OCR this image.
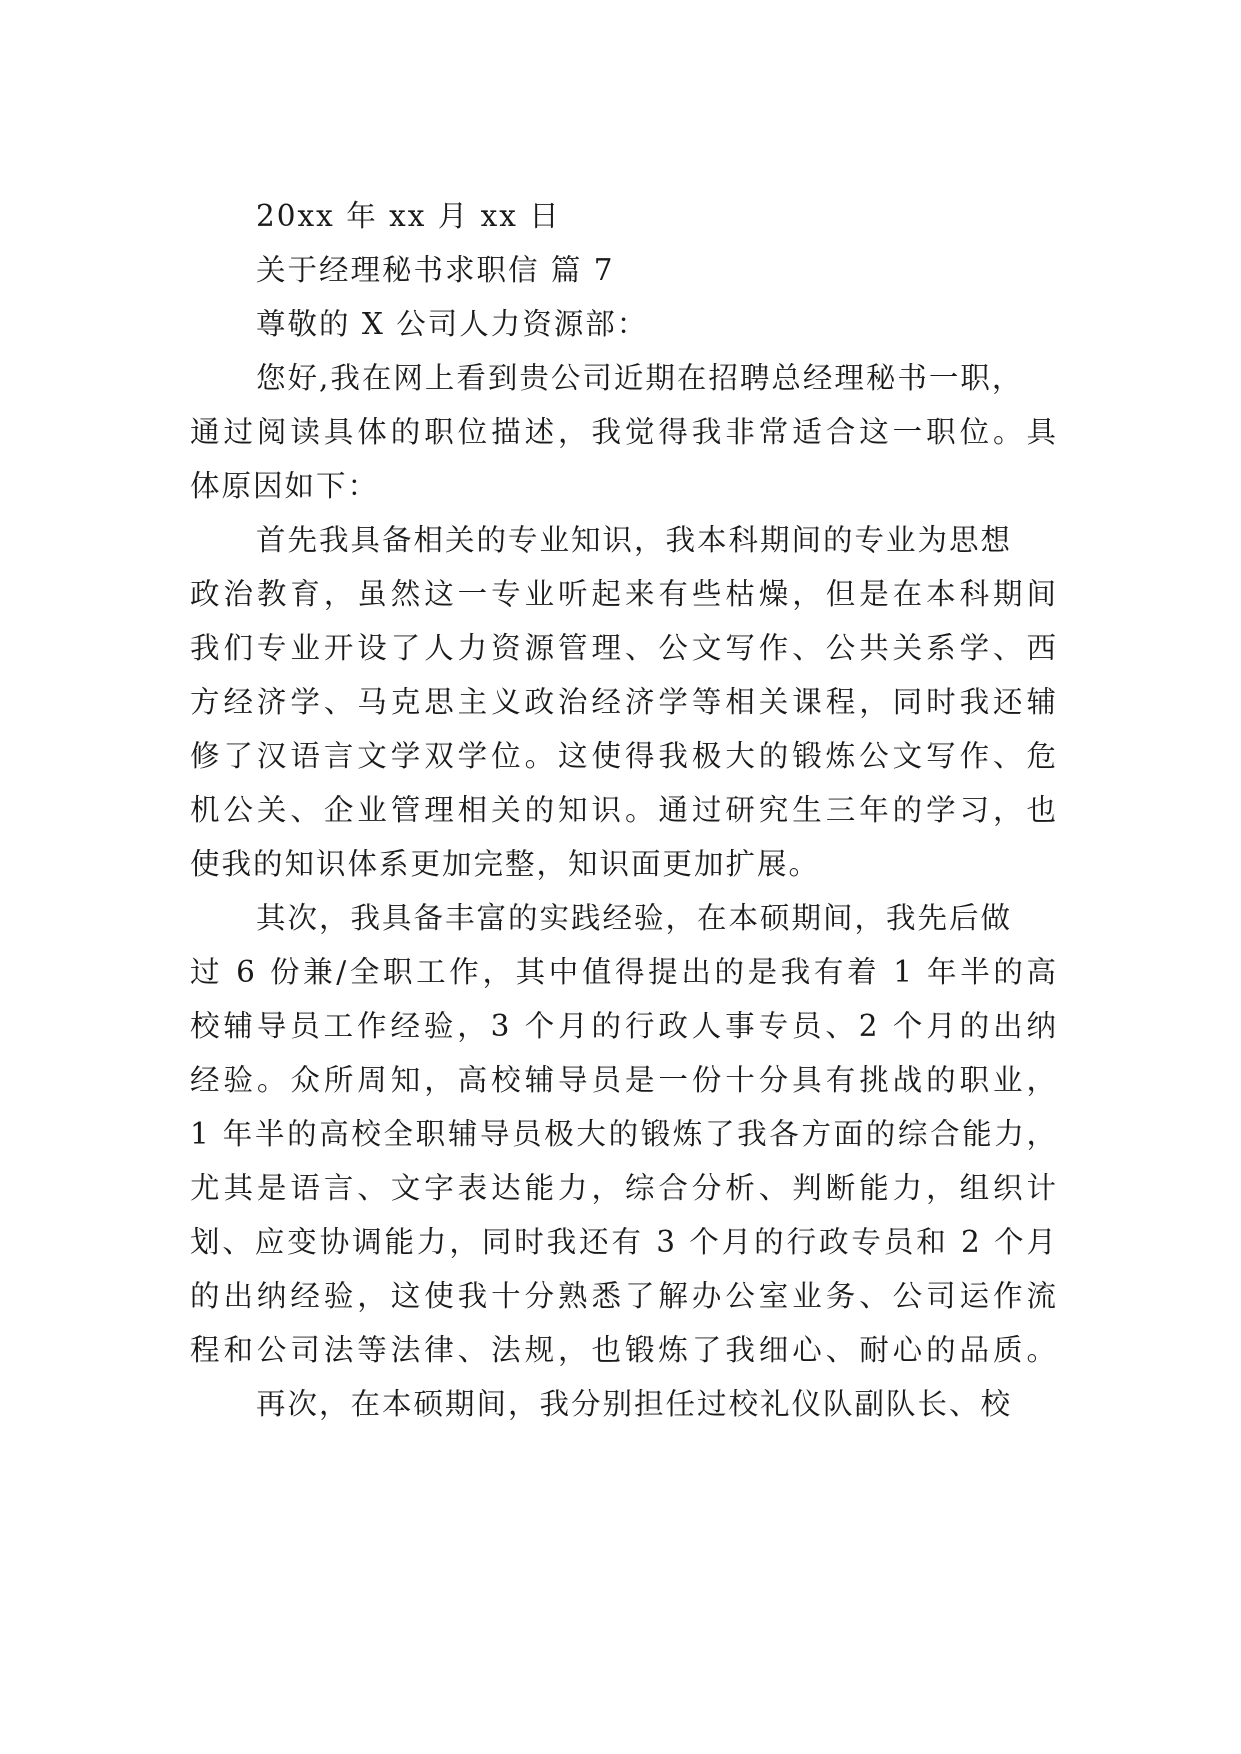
20xx 年 xx 月 xx 日
关于经理秘书求职信 篇 7
尊敬的 X 公司人力资源部：
您好,我在网上看到贵公司近期在招聘总经理秘书一职，
通过阅读具体的职位描述，我觉得我非常适合这一职位。具
体原因如下：
首先我具备相关的专业知识，我本科期间的专业为思想
政治教育，虽然这一专业听起来有些枯燥，但是在本科期间
我们专业开设了人力资源管理、公文写作、公共关系学、西
方经济学、马克思主义政治经济学等相关课程，同时我还辅
修了汉语言文学双学位。这使得我极大的锻炼公文写作、危
机公关、企业管理相关的知识。通过研究生三年的学习，也
使我的知识体系更加完整，知识面更加扩展。
其次，我具备丰富的实践经验，在本硕期间，我先后做
过 6 份兼/全职工作，其中值得提出的是我有着 1 年半的高
校辅导员工作经验，3 个月的行政人事专员、2 个月的出纳
经验。众所周知，高校辅导员是一份十分具有挑战的职业，
1 年半的高校全职辅导员极大的锻炼了我各方面的综合能力，
尤其是语言、文字表达能力，综合分析、判断能力，组织计
划、应变协调能力，同时我还有 3 个月的行政专员和 2 个月
的出纳经验，这使我十分熟悉了解办公室业务、公司运作流
程和公司法等法律、法规，也锻炼了我细心、耐心的品质。
再次，在本硕期间，我分别担任过校礼仪队副队长、校
